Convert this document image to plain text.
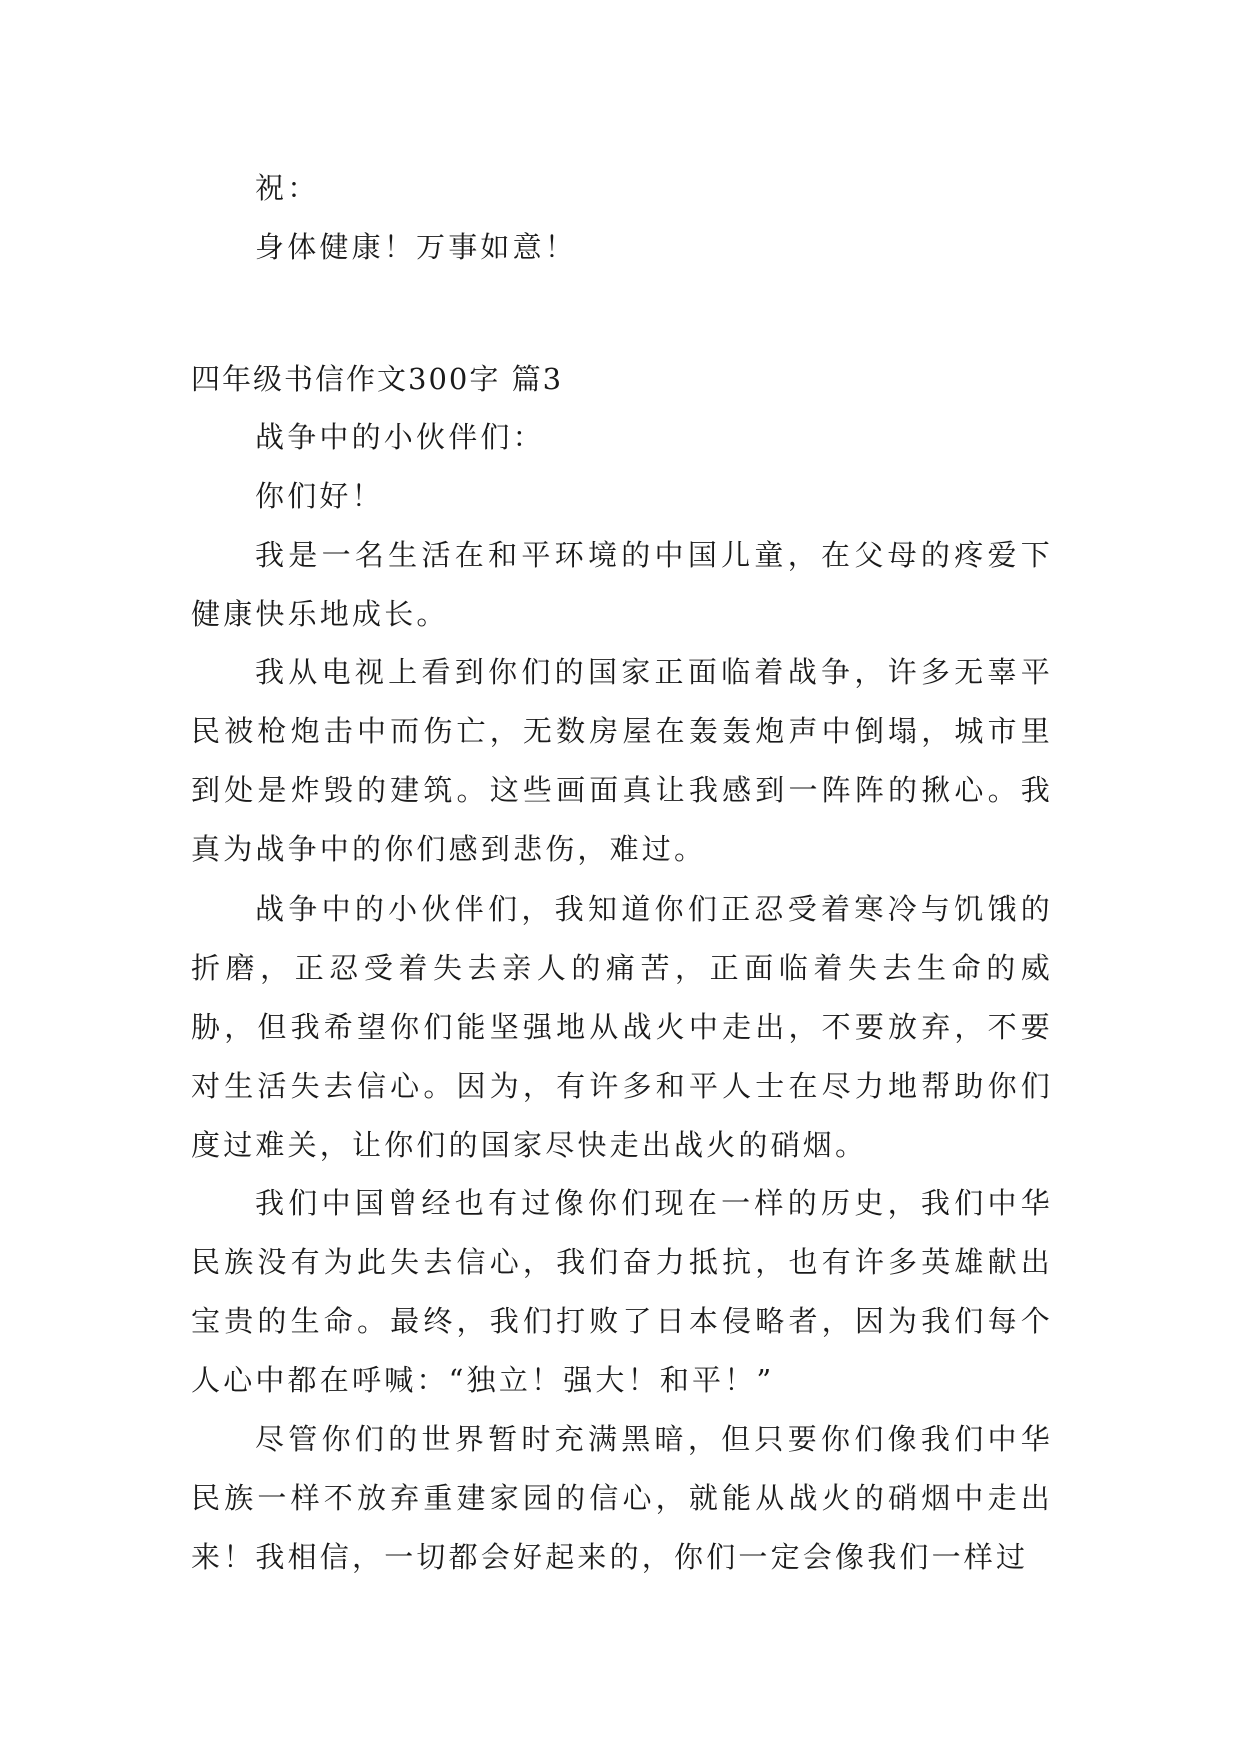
祝：
身体健康！万事如意！
四年级书信作文300字 篇3
战争中的小伙伴们：
你们好！
我是一名生活在和平环境的中国儿童，在父母的疼爱下健康快乐地成长。
我从电视上看到你们的国家正面临着战争，许多无辜平民被枪炮击中而伤亡，无数房屋在轰轰炮声中倒塌，城市里到处是炸毁的建筑。这些画面真让我感到一阵阵的揪心。我真为战争中的你们感到悲伤，难过。
战争中的小伙伴们，我知道你们正忍受着寒冷与饥饿的折磨，正忍受着失去亲人的痛苦，正面临着失去生命的威胁，但我希望你们能坚强地从战火中走出，不要放弃，不要对生活失去信心。因为，有许多和平人士在尽力地帮助你们度过难关，让你们的国家尽快走出战火的硝烟。
我们中国曾经也有过像你们现在一样的历史，我们中华民族没有为此失去信心，我们奋力抵抗，也有许多英雄献出宝贵的生命。最终，我们打败了日本侵略者，因为我们每个人心中都在呼喊：“独立！强大！和平！”
尽管你们的世界暂时充满黑暗，但只要你们像我们中华民族一样不放弃重建家园的信心，就能从战火的硝烟中走出来！我相信，一切都会好起来的，你们一定会像我们一样过
